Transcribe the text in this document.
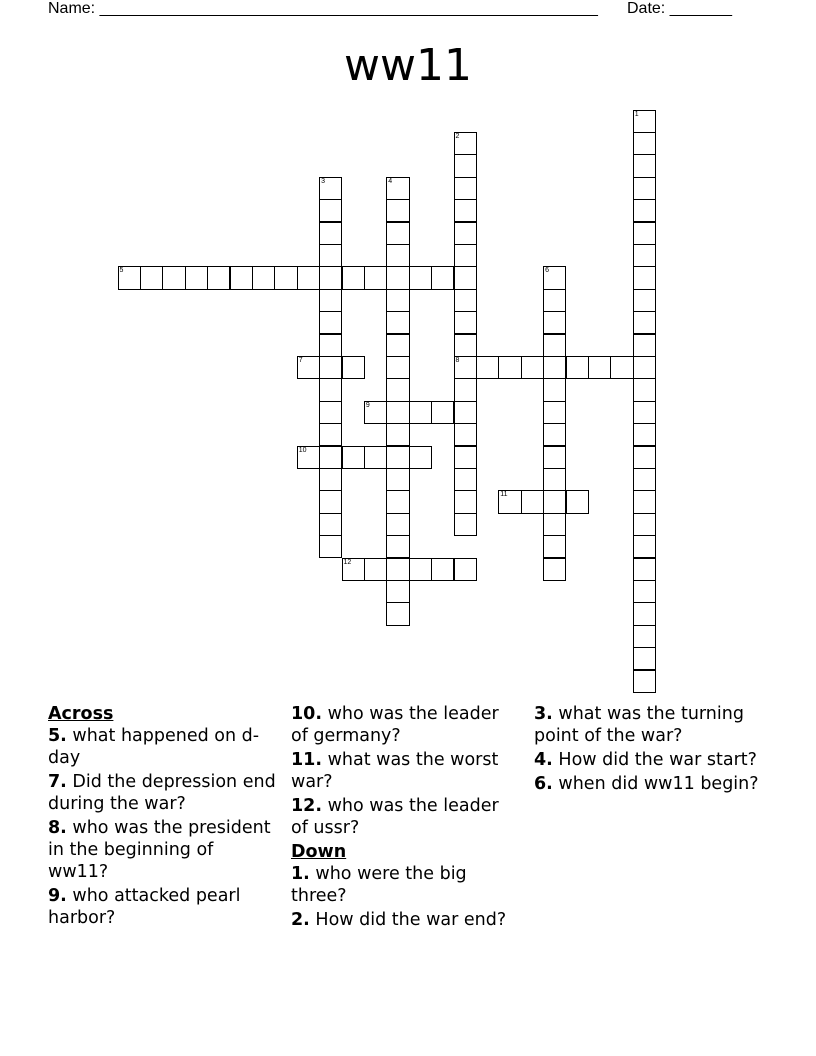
Name: ________________________________________________________ Date: _______
ww11
1
2
8
3	4
5	6
7
9
10
11
12
Across
5. what happened on d-day
7. Did the depression end during the war?
8. who was the president in the beginning of ww11?
9. who attacked pearl harbor?
10. who was the leader of germany?
11. what was the worst war?
12. who was the leader of ussr?
Down
1. who were the big three?
2. How did the war end?
3. what was the turning point of the war?
4. How did the war start?
6. when did ww11 begin?
